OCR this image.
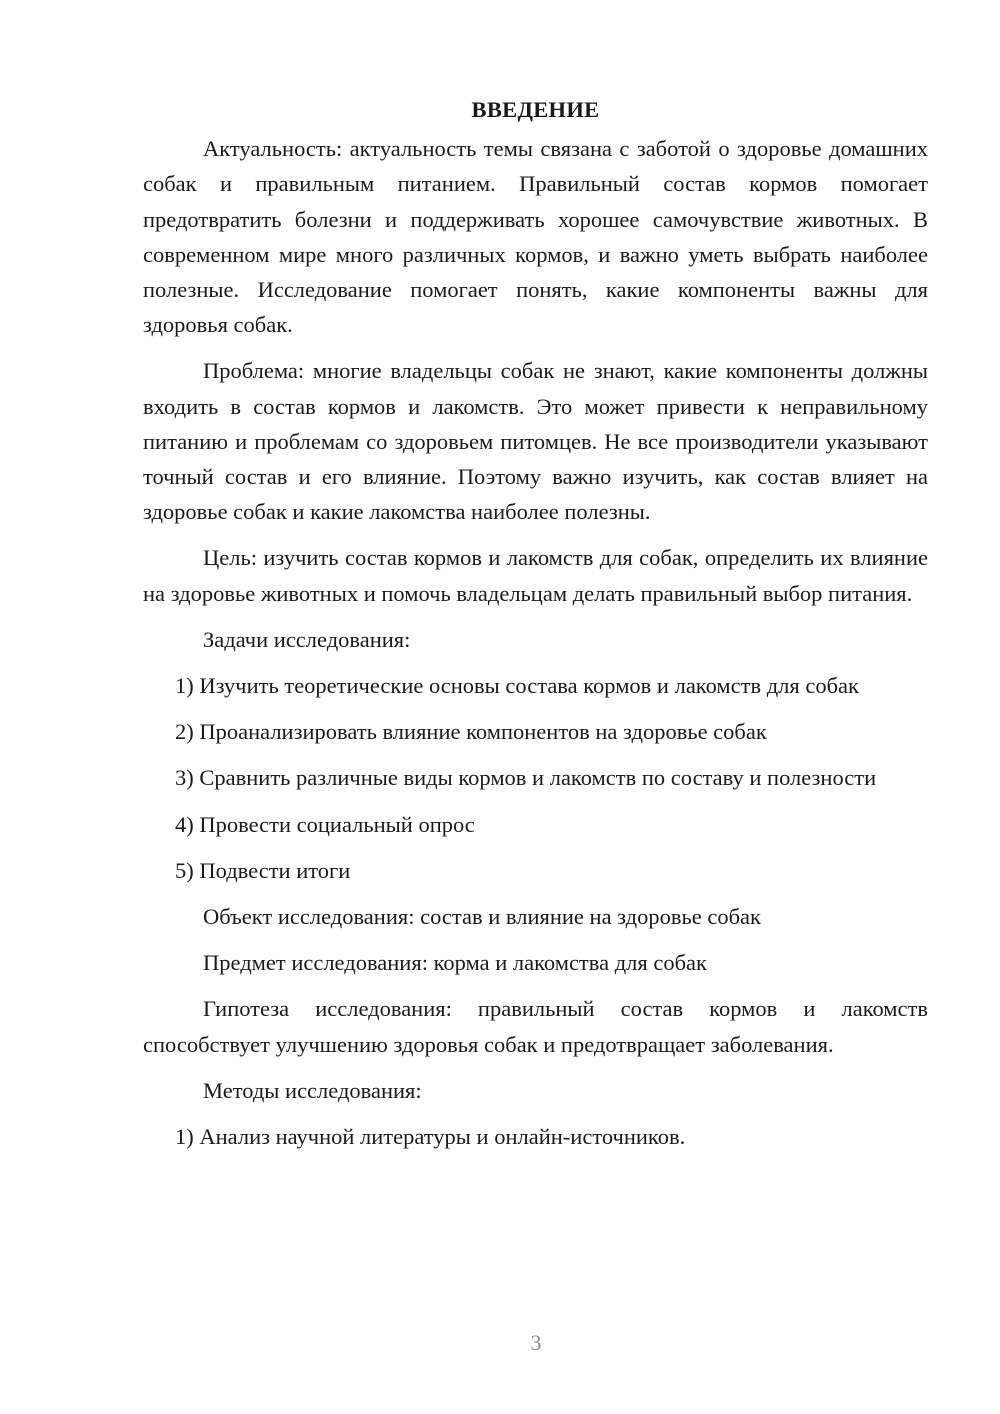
ВВЕДЕНИЕ

Актуальность: актуальность темы связана с заботой о здоровье домашних собак и правильным питанием. Правильный состав кормов помогает предотвратить болезни и поддерживать хорошее самочувствие животных. В современном мире много различных кормов, и важно уметь выбрать наиболее полезные. Исследование помогает понять, какие компоненты важны для здоровья собак.

Проблема: многие владельцы собак не знают, какие компоненты должны входить в состав кормов и лакомств. Это может привести к неправильному питанию и проблемам со здоровьем питомцев. Не все производители указывают точный состав и его влияние. Поэтому важно изучить, как состав влияет на здоровье собак и какие лакомства наиболее полезны.

Цель: изучить состав кормов и лакомств для собак, определить их влияние на здоровье животных и помочь владельцам делать правильный выбор питания.

Задачи исследования:

1) Изучить теоретические основы состава кормов и лакомств для собак

2) Проанализировать влияние компонентов на здоровье собак

3) Сравнить различные виды кормов и лакомств по составу и полезности

4) Провести социальный опрос

5) Подвести итоги

Объект исследования: состав и влияние на здоровье собак

Предмет исследования: корма и лакомства для собак

Гипотеза исследования: правильный состав кормов и лакомств способствует улучшению здоровья собак и предотвращает заболевания.

Методы исследования:

1) Анализ научной литературы и онлайн-источников.

3
